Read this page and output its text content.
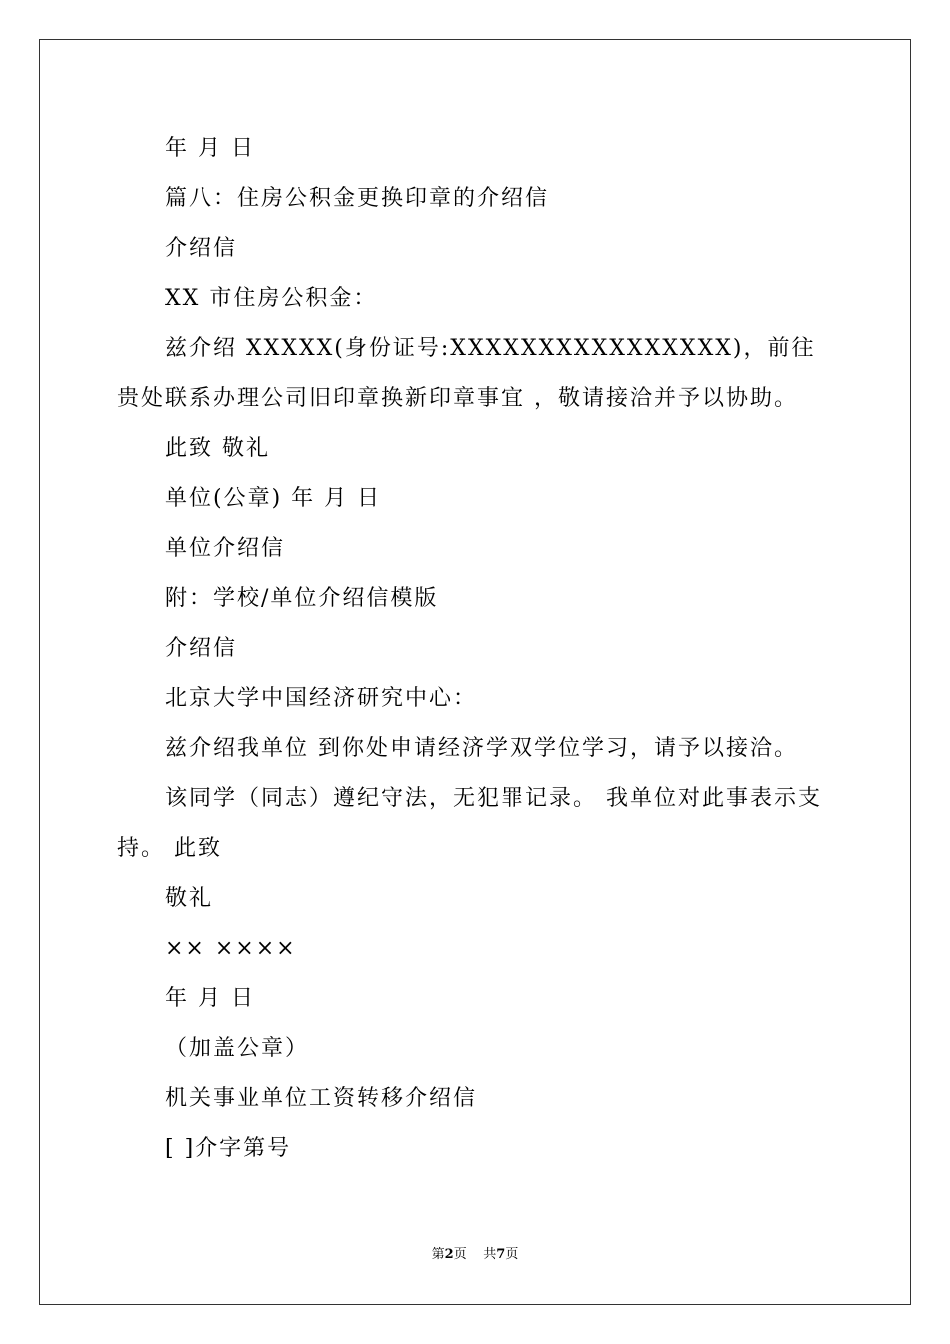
年 月 日
篇八：住房公积金更换印章的介绍信
介绍信
XX 市住房公积金：
兹介绍 XXXXX(身份证号:XXXXXXXXXXXXXXXX)，前往贵处联系办理公司旧印章换新印章事宜 ，敬请接洽并予以协助。
此致 敬礼
单位(公章) 年 月 日
单位介绍信
附：学校/单位介绍信模版
介绍信
北京大学中国经济研究中心：
兹介绍我单位 到你处申请经济学双学位学习，请予以接洽。
该同学（同志）遵纪守法，无犯罪记录。 我单位对此事表示支持。 此致
敬礼
×× ××××
年 月 日
（加盖公章）
机关事业单位工资转移介绍信
[ ]介字第号
第2页 共7页
